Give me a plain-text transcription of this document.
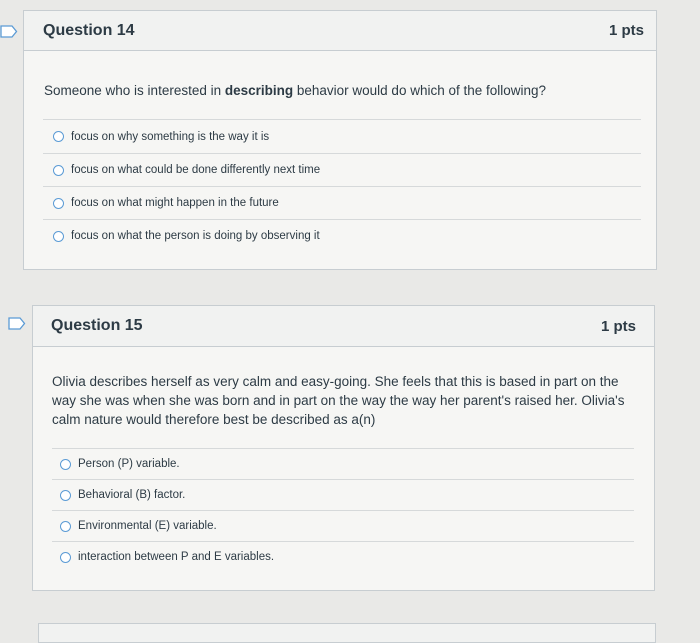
Question 14	1 pts
Someone who is interested in describing behavior would do which of the following?
focus on why something is the way it is
focus on what could be done differently next time
focus on what might happen in the future
focus on what the person is doing by observing it
Question 15	1 pts
Olivia describes herself as very calm and easy-going. She feels that this is based in part on the way she was when she was born and in part on the way the way her parent's raised her. Olivia's calm nature would therefore best be described as a(n)
Person (P) variable.
Behavioral (B) factor.
Environmental (E) variable.
interaction between P and E variables.
